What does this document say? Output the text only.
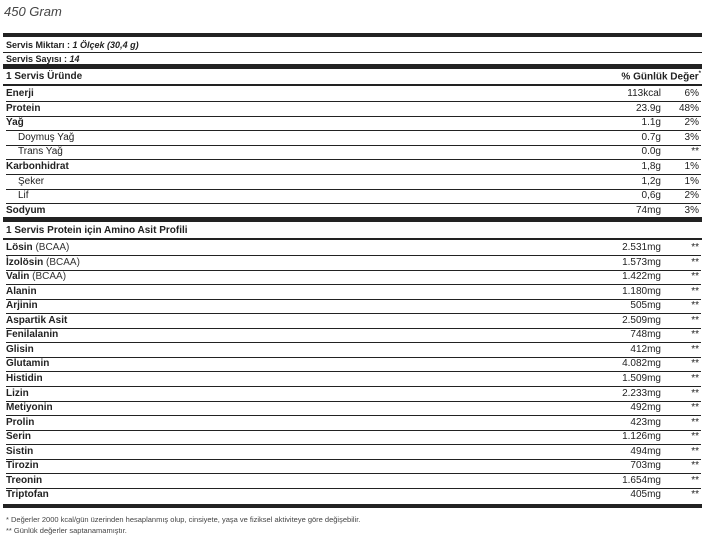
450 Gram
Servis Miktarı : 1 Ölçek (30,4 g)
Servis Sayısı : 14
1 Servis Üründe	% Günlük Değer*
Enerji	113kcal 6%
Protein	23.9g 48%
Yağ	1.1g 2%
Doymuş Yağ	0.7g 3%
Trans Yağ	0.0g	**
Karbonhidrat	1,8g 1%
Şeker	1,2g 1%
Lif	0,6g 2%
Sodyum	74mg 3%
1 Servis Protein için Amino Asit Profili
Lösin (BCAA)	2.531mg	**
İzolösin (BCAA)	1.573mg	**
Valin (BCAA)	1.422mg	**
Alanin	1.180mg	**
Arjinin	505mg	**
Aspartik Asit	2.509mg	**
Fenilalanin	748mg	**
Glisin	412mg	**
Glutamin	4.082mg	**
Histidin	1.509mg	**
Lizin	2.233mg	**
Metiyonin	492mg	**
Prolin	423mg	**
Serin	1.126mg	**
Sistin	494mg	**
Tirozin	703mg	**
Treonin	1.654mg	**
Triptofan	405mg	**
* Değerler 2000 kcal/gün üzerinden hesaplanmış olup, cinsiyete, yaşa ve fiziksel aktiviteye göre değişebilir.
** Günlük değerler saptanamamıştır.
